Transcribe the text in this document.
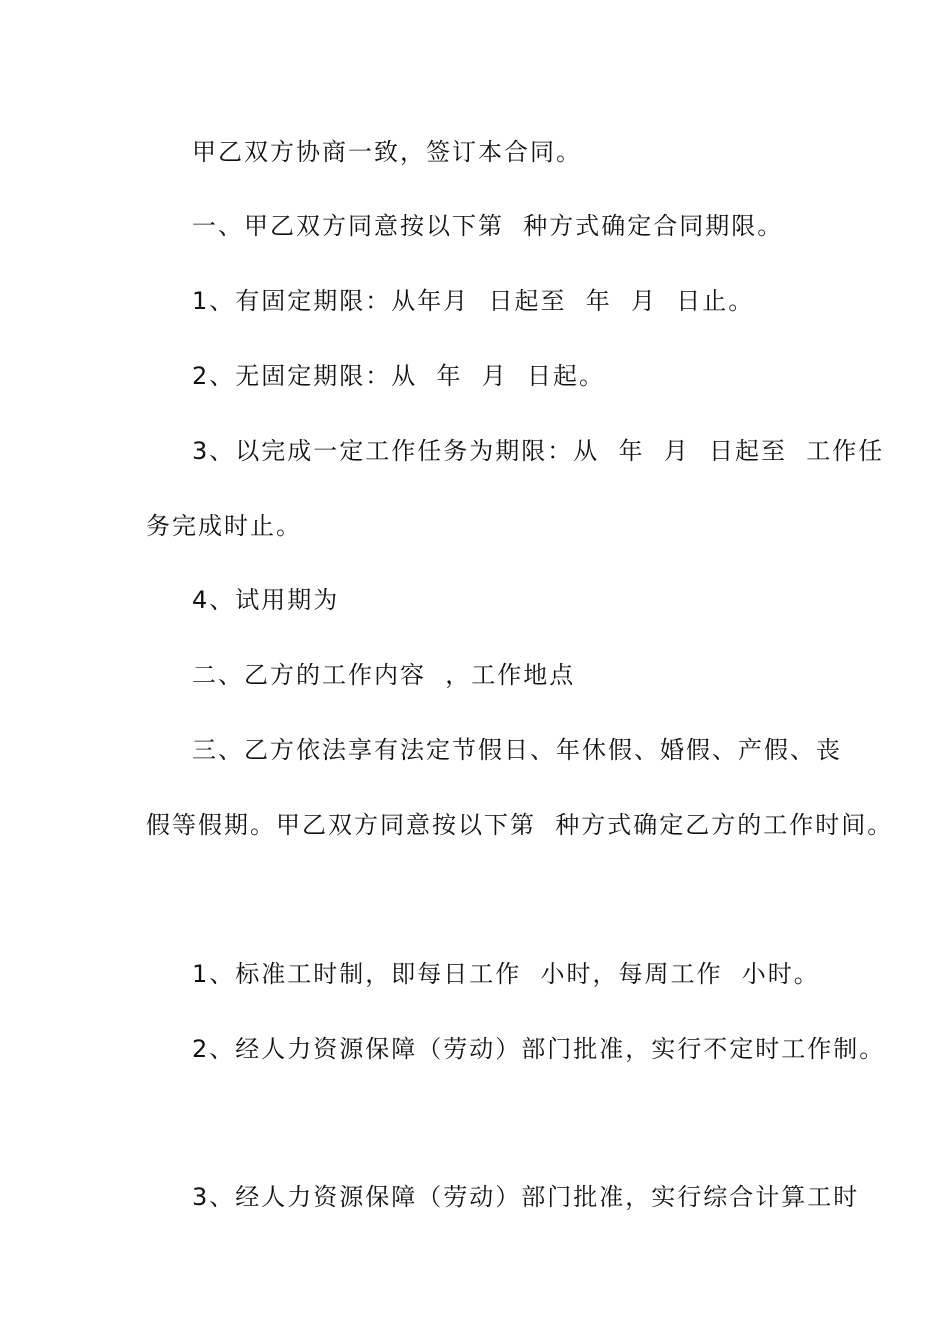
甲乙双方协商一致，签订本合同。
一、甲乙双方同意按以下第  种方式确定合同期限。
1、有固定期限：从年月  日起至  年  月  日止。
2、无固定期限：从  年  月  日起。
3、以完成一定工作任务为期限：从  年  月  日起至  工作任
务完成时止。
4、试用期为
二、乙方的工作内容  ，工作地点
三、乙方依法享有法定节假日、年休假、婚假、产假、丧
假等假期。甲乙双方同意按以下第  种方式确定乙方的工作时间。
1、标准工时制，即每日工作  小时，每周工作  小时。
2、经人力资源保障（劳动）部门批准，实行不定时工作制。
3、经人力资源保障（劳动）部门批准，实行综合计算工时
